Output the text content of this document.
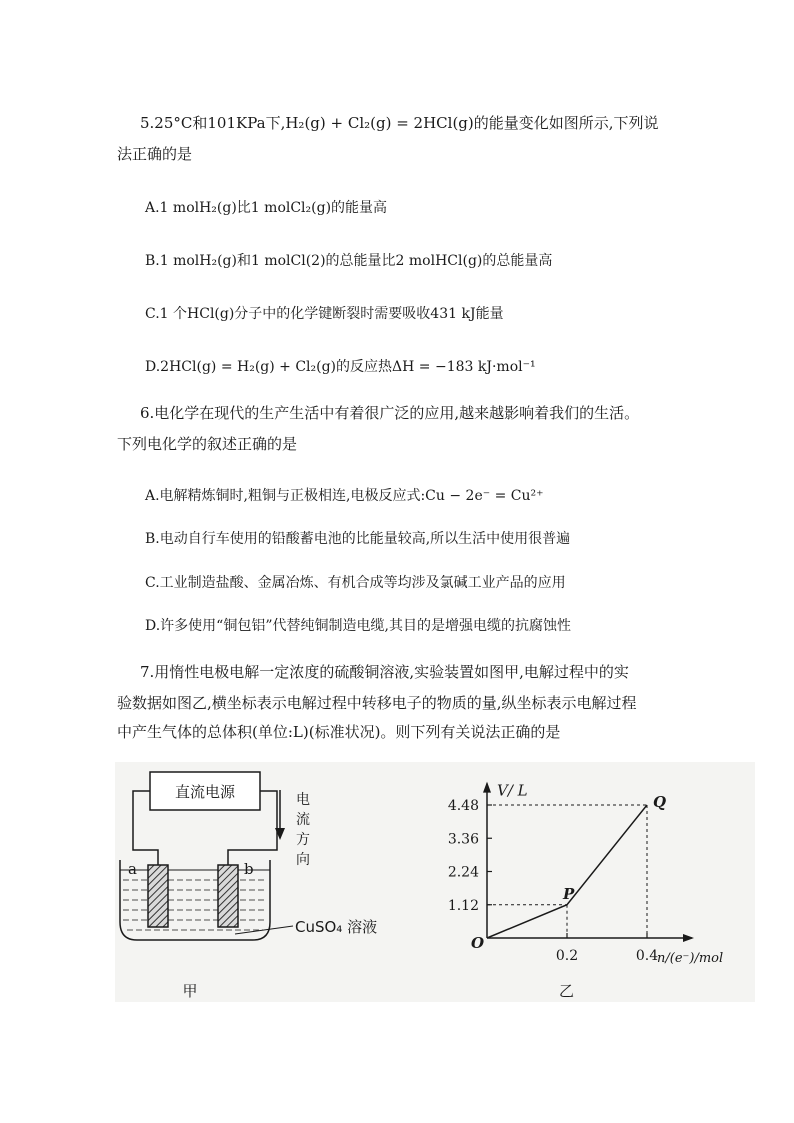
5.25°C和101KPa下,H₂(g) + Cl₂(g) = 2HCl(g)的能量变化如图所示,下列说
法正确的是
A.1 molH₂(g)比1 molCl₂(g)的能量高
B.1 molH₂(g)和1 molCl(2)的总能量比2 molHCl(g)的总能量高
C.1 个HCl(g)分子中的化学键断裂时需要吸收431 kJ能量
D.2HCl(g) = H₂(g) + Cl₂(g)的反应热ΔH = −183 kJ·mol⁻¹
6.电化学在现代的生产生活中有着很广泛的应用,越来越影响着我们的生活。
下列电化学的叙述正确的是
A.电解精炼铜时,粗铜与正极相连,电极反应式:Cu − 2e⁻ = Cu²⁺
B.电动自行车使用的铅酸蓄电池的比能量较高,所以生活中使用很普遍
C.工业制造盐酸、金属冶炼、有机合成等均涉及氯碱工业产品的应用
D.许多使用“铜包铝”代替纯铜制造电缆,其目的是增强电缆的抗腐蚀性
7.用惰性电极电解一定浓度的硫酸铜溶液,实验装置如图甲,电解过程中的实
验数据如图乙,横坐标表示电解过程中转移电子的物质的量,纵坐标表示电解过程
中产生气体的总体积(单位:L)(标准状况)。则下列有关说法正确的是
直流电源	电
流
方
向
a	b
CuSO₄ 溶液
甲
V/ L
n/(e⁻)/mol
O
1.12
2.24
3.36
4.48
0.2	0.4
P
Q
乙
